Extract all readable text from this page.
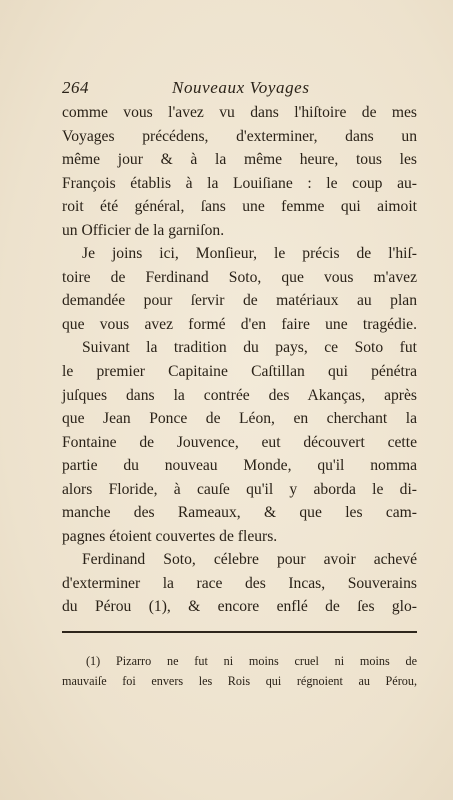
264	Nouveaux Voyages
comme vous l'avez vu dans l'hiſtoire de mes
Voyages précédens, d'exterminer, dans un
même jour & à la même heure, tous les
François établis à la Louiſiane : le coup au-
roit été général, ſans une femme qui aimoit
un Officier de la garniſon.
Je joins ici, Monſieur, le précis de l'hiſ-
toire de Ferdinand Soto, que vous m'avez
demandée pour ſervir de matériaux au plan
que vous avez formé d'en faire une tragédie.
Suivant la tradition du pays, ce Soto fut
le premier Capitaine Caſtillan qui pénétra
juſques dans la contrée des Akanças, après
que Jean Ponce de Léon, en cherchant la
Fontaine de Jouvence, eut découvert cette
partie du nouveau Monde, qu'il nomma
alors Floride, à cauſe qu'il y aborda le di-
manche des Rameaux, & que les cam-
pagnes étoient couvertes de fleurs.
Ferdinand Soto, célebre pour avoir achevé
d'exterminer la race des Incas, Souverains
du Pérou (1), & encore enflé de ſes glo-
(1) Pizarro ne fut ni moins cruel ni moins de
mauvaiſe foi envers les Rois qui régnoient au Pérou,
